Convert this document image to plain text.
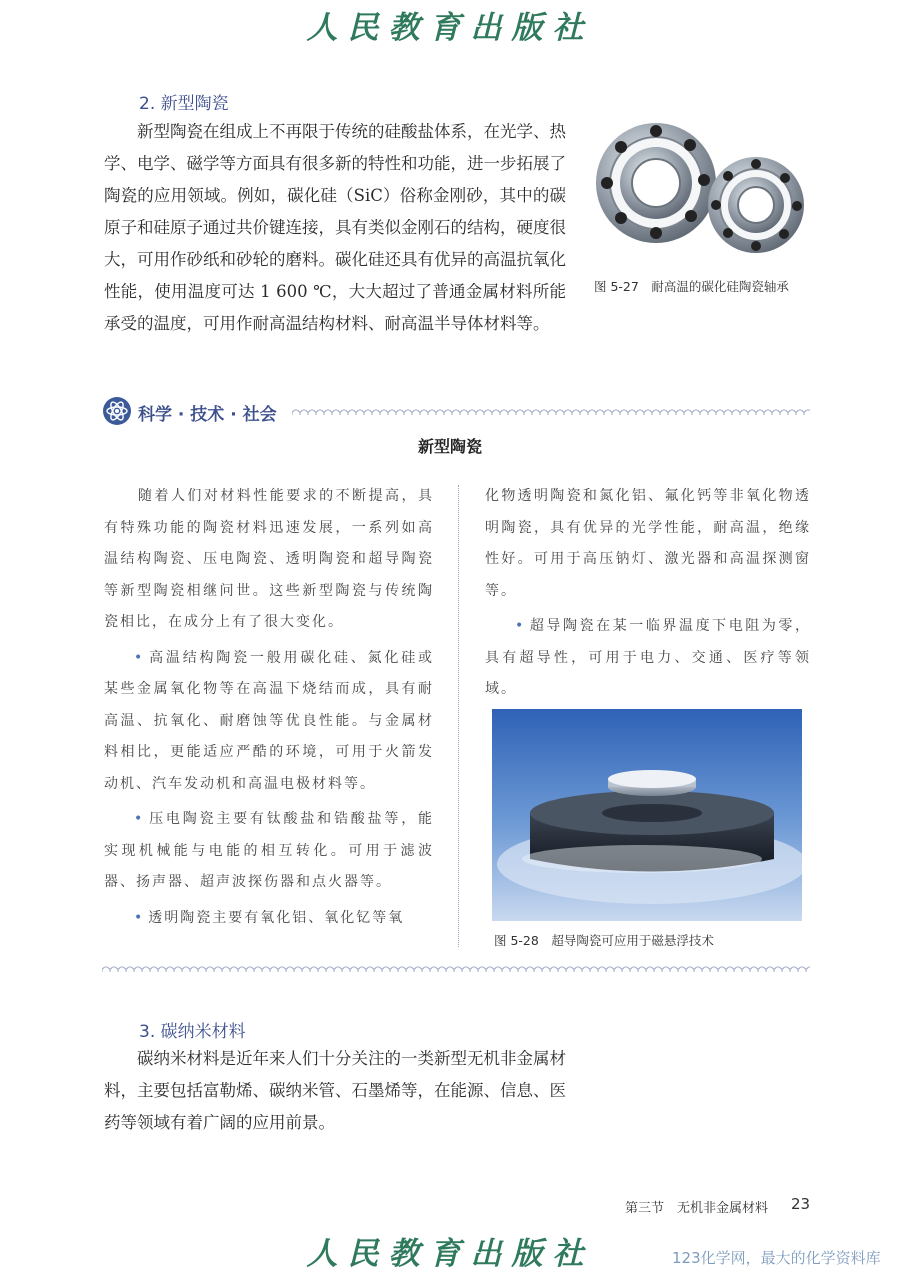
人民教育出版社
2. 新型陶瓷
新型陶瓷在组成上不再限于传统的硅酸盐体系，在光学、热学、电学、磁学等方面具有很多新的特性和功能，进一步拓展了陶瓷的应用领域。例如，碳化硅（SiC）俗称金刚砂，其中的碳原子和硅原子通过共价键连接，具有类似金刚石的结构，硬度很大，可用作砂纸和砂轮的磨料。碳化硅还具有优异的高温抗氧化性能，使用温度可达 1 600 ℃，大大超过了普通金属材料所能承受的温度，可用作耐高温结构材料、耐高温半导体材料等。
图 5-27　耐高温的碳化硅陶瓷轴承
科学 · 技术 · 社会
新型陶瓷

随着人们对材料性能要求的不断提高，具有特殊功能的陶瓷材料迅速发展，一系列如高温结构陶瓷、压电陶瓷、透明陶瓷和超导陶瓷等新型陶瓷相继问世。这些新型陶瓷与传统陶瓷相比，在成分上有了很大变化。

• 高温结构陶瓷一般用碳化硅、氮化硅或某些金属氧化物等在高温下烧结而成，具有耐高温、抗氧化、耐磨蚀等优良性能。与金属材料相比，更能适应严酷的环境，可用于火箭发动机、汽车发动机和高温电极材料等。

• 压电陶瓷主要有钛酸盐和锆酸盐等，能实现机械能与电能的相互转化。可用于滤波器、扬声器、超声波探伤器和点火器等。

• 透明陶瓷主要有氧化铝、氧化钇等氧

化物透明陶瓷和氮化铝、氟化钙等非氧化物透明陶瓷，具有优异的光学性能，耐高温，绝缘性好。可用于高压钠灯、激光器和高温探测窗等。

• 超导陶瓷在某一临界温度下电阻为零，具有超导性，可用于电力、交通、医疗等领域。

图 5-28　超导陶瓷可应用于磁悬浮技术
3. 碳纳米材料
碳纳米材料是近年来人们十分关注的一类新型无机非金属材料，主要包括富勒烯、碳纳米管、石墨烯等，在能源、信息、医药等领域有着广阔的应用前景。
第三节　无机非金属材料 23
人民教育出版社	123化学网，最大的化学资料库
